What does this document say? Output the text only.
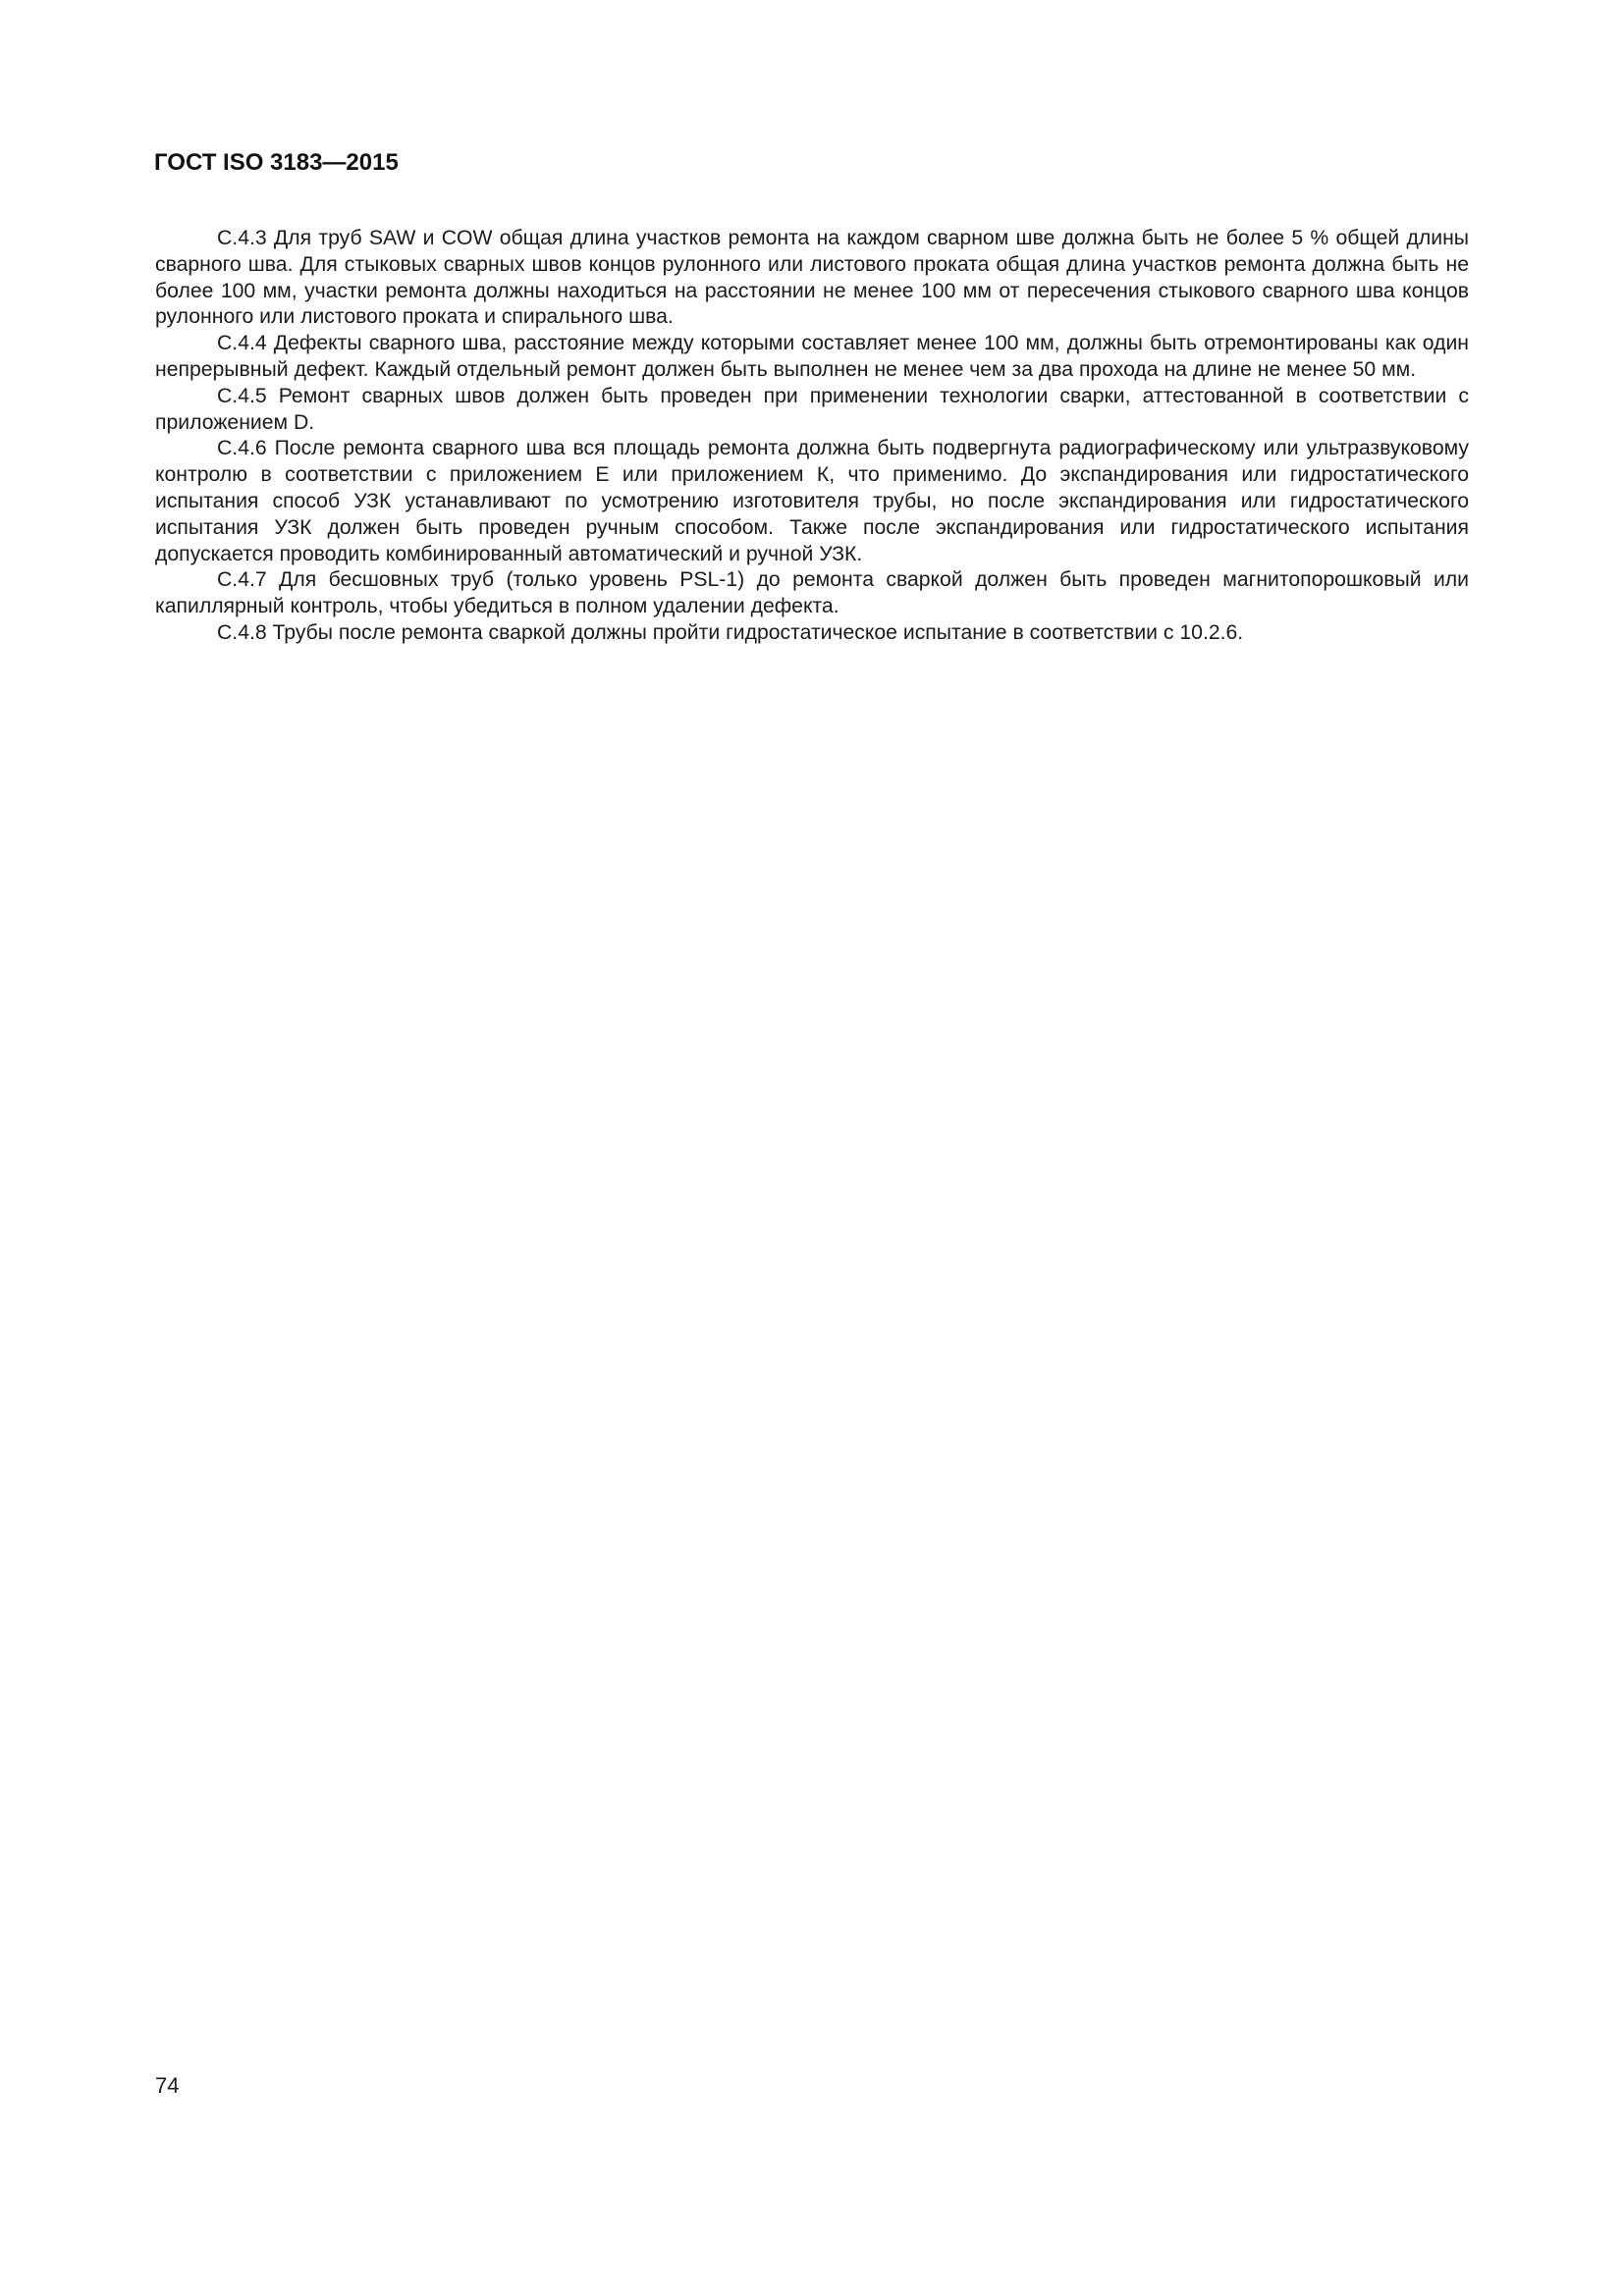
ГОСТ ISO 3183—2015

С.4.3 Для труб SAW и COW общая длина участков ремонта на каждом сварном шве должна быть не более 5 % общей длины сварного шва. Для стыковых сварных швов концов рулонного или листового проката общая длина участков ремонта должна быть не более 100 мм, участки ремонта должны находиться на расстоянии не менее 100 мм от пересечения стыкового сварного шва концов рулонного или листового проката и спирального шва.

С.4.4 Дефекты сварного шва, расстояние между которыми составляет менее 100 мм, должны быть отремонтированы как один непрерывный дефект. Каждый отдельный ремонт должен быть выполнен не менее чем за два прохода на длине не менее 50 мм.

С.4.5 Ремонт сварных швов должен быть проведен при применении технологии сварки, аттестованной в соответствии с приложением D.

С.4.6 После ремонта сварного шва вся площадь ремонта должна быть подвергнута радиографическому или ультразвуковому контролю в соответствии с приложением Е или приложением К, что применимо. До экспандирования или гидростатического испытания способ УЗК устанавливают по усмотрению изготовителя трубы, но после экспандирования или гидростатического испытания УЗК должен быть проведен ручным способом. Также после экспандирования или гидростатического испытания допускается проводить комбинированный автоматический и ручной УЗК.

С.4.7 Для бесшовных труб (только уровень PSL-1) до ремонта сваркой должен быть проведен магнитопорошковый или капиллярный контроль, чтобы убедиться в полном удалении дефекта.

С.4.8 Трубы после ремонта сваркой должны пройти гидростатическое испытание в соответствии с 10.2.6.

74
